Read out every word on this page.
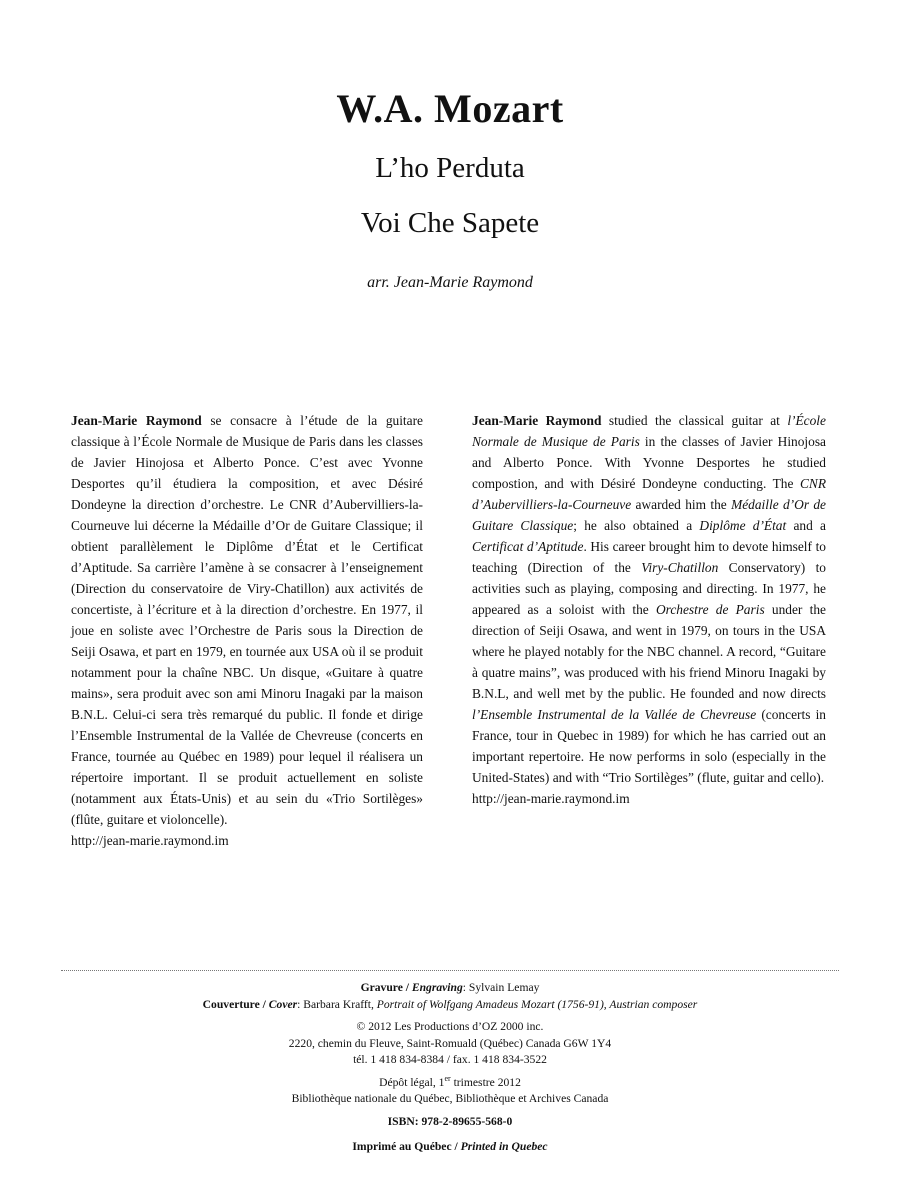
W.A. Mozart
L’ho Perduta
Voi Che Sapete
arr. Jean-Marie Raymond

Jean-Marie Raymond se consacre à l’étude de la guitare classique à l’École Normale de Musique de Paris dans les classes de Javier Hinojosa et Alberto Ponce. C’est avec Yvonne Desportes qu’il étudiera la composition, et avec Désiré Dondeyne la direction d’orchestre. Le CNR d’Aubervilliers-la-Courneuve lui décerne la Médaille d’Or de Guitare Classique; il obtient parallèlement le Diplôme d’État et le Certificat d’Aptitude. Sa carrière l’amène à se consacrer à l’enseignement (Direction du conservatoire de Viry-Chatillon) aux activités de concertiste, à l’écriture et à la direction d’orchestre. En 1977, il joue en soliste avec l’Orchestre de Paris sous la Direction de Seiji Osawa, et part en 1979, en tournée aux USA où il se produit notamment pour la chaîne NBC. Un disque, «Guitare à quatre mains», sera produit avec son ami Minoru Inagaki par la maison B.N.L. Celui-ci sera très remarqué du public. Il fonde et dirige l’Ensemble Instrumental de la Vallée de Chevreuse (concerts en France, tournée au Québec en 1989) pour lequel il réalisera un répertoire important. Il se produit actuellement en soliste (notamment aux États-Unis) et au sein du «Trio Sortilèges» (flûte, guitare et violoncelle).

http://jean-marie.raymond.im

Jean-Marie Raymond studied the classical guitar at l’École Normale de Musique de Paris in the classes of Javier Hinojosa and Alberto Ponce. With Yvonne Desportes he studied compostion, and with Désiré Dondeyne conducting. The CNR d’Aubervilliers-la-Courneuve awarded him the Médaille d’Or de Guitare Classique; he also obtained a Diplôme d’État and a Certificat d’Aptitude. His career brought him to devote himself to teaching (Direction of the Viry-Chatillon Conservatory) to activities such as playing, composing and directing. In 1977, he appeared as a soloist with the Orchestre de Paris under the direction of Seiji Osawa, and went in 1979, on tours in the USA where he played notably for the NBC channel. A record, “Guitare à quatre mains”, was produced with his friend Minoru Inagaki by B.N.L, and well met by the public. He founded and now directs l’Ensemble Instrumental de la Vallée de Chevreuse (concerts in France, tour in Quebec in 1989) for which he has carried out an important repertoire. He now performs in solo (especially in the United-States) and with “Trio Sortilèges” (flute, guitar and cello).

http://jean-marie.raymond.im

Gravure / Engraving: Sylvain Lemay
Couverture / Cover: Barbara Krafft, Portrait of Wolfgang Amadeus Mozart (1756-91), Austrian composer
© 2012 Les Productions d’OZ 2000 inc.
2220, chemin du Fleuve, Saint-Romuald (Québec) Canada G6W 1Y4
tél. 1 418 834-8384 / fax. 1 418 834-3522
Dépôt légal, 1er trimestre 2012
Bibliothèque nationale du Québec, Bibliothèque et Archives Canada
ISBN: 978-2-89655-568-0
Imprimé au Québec / Printed in Quebec
